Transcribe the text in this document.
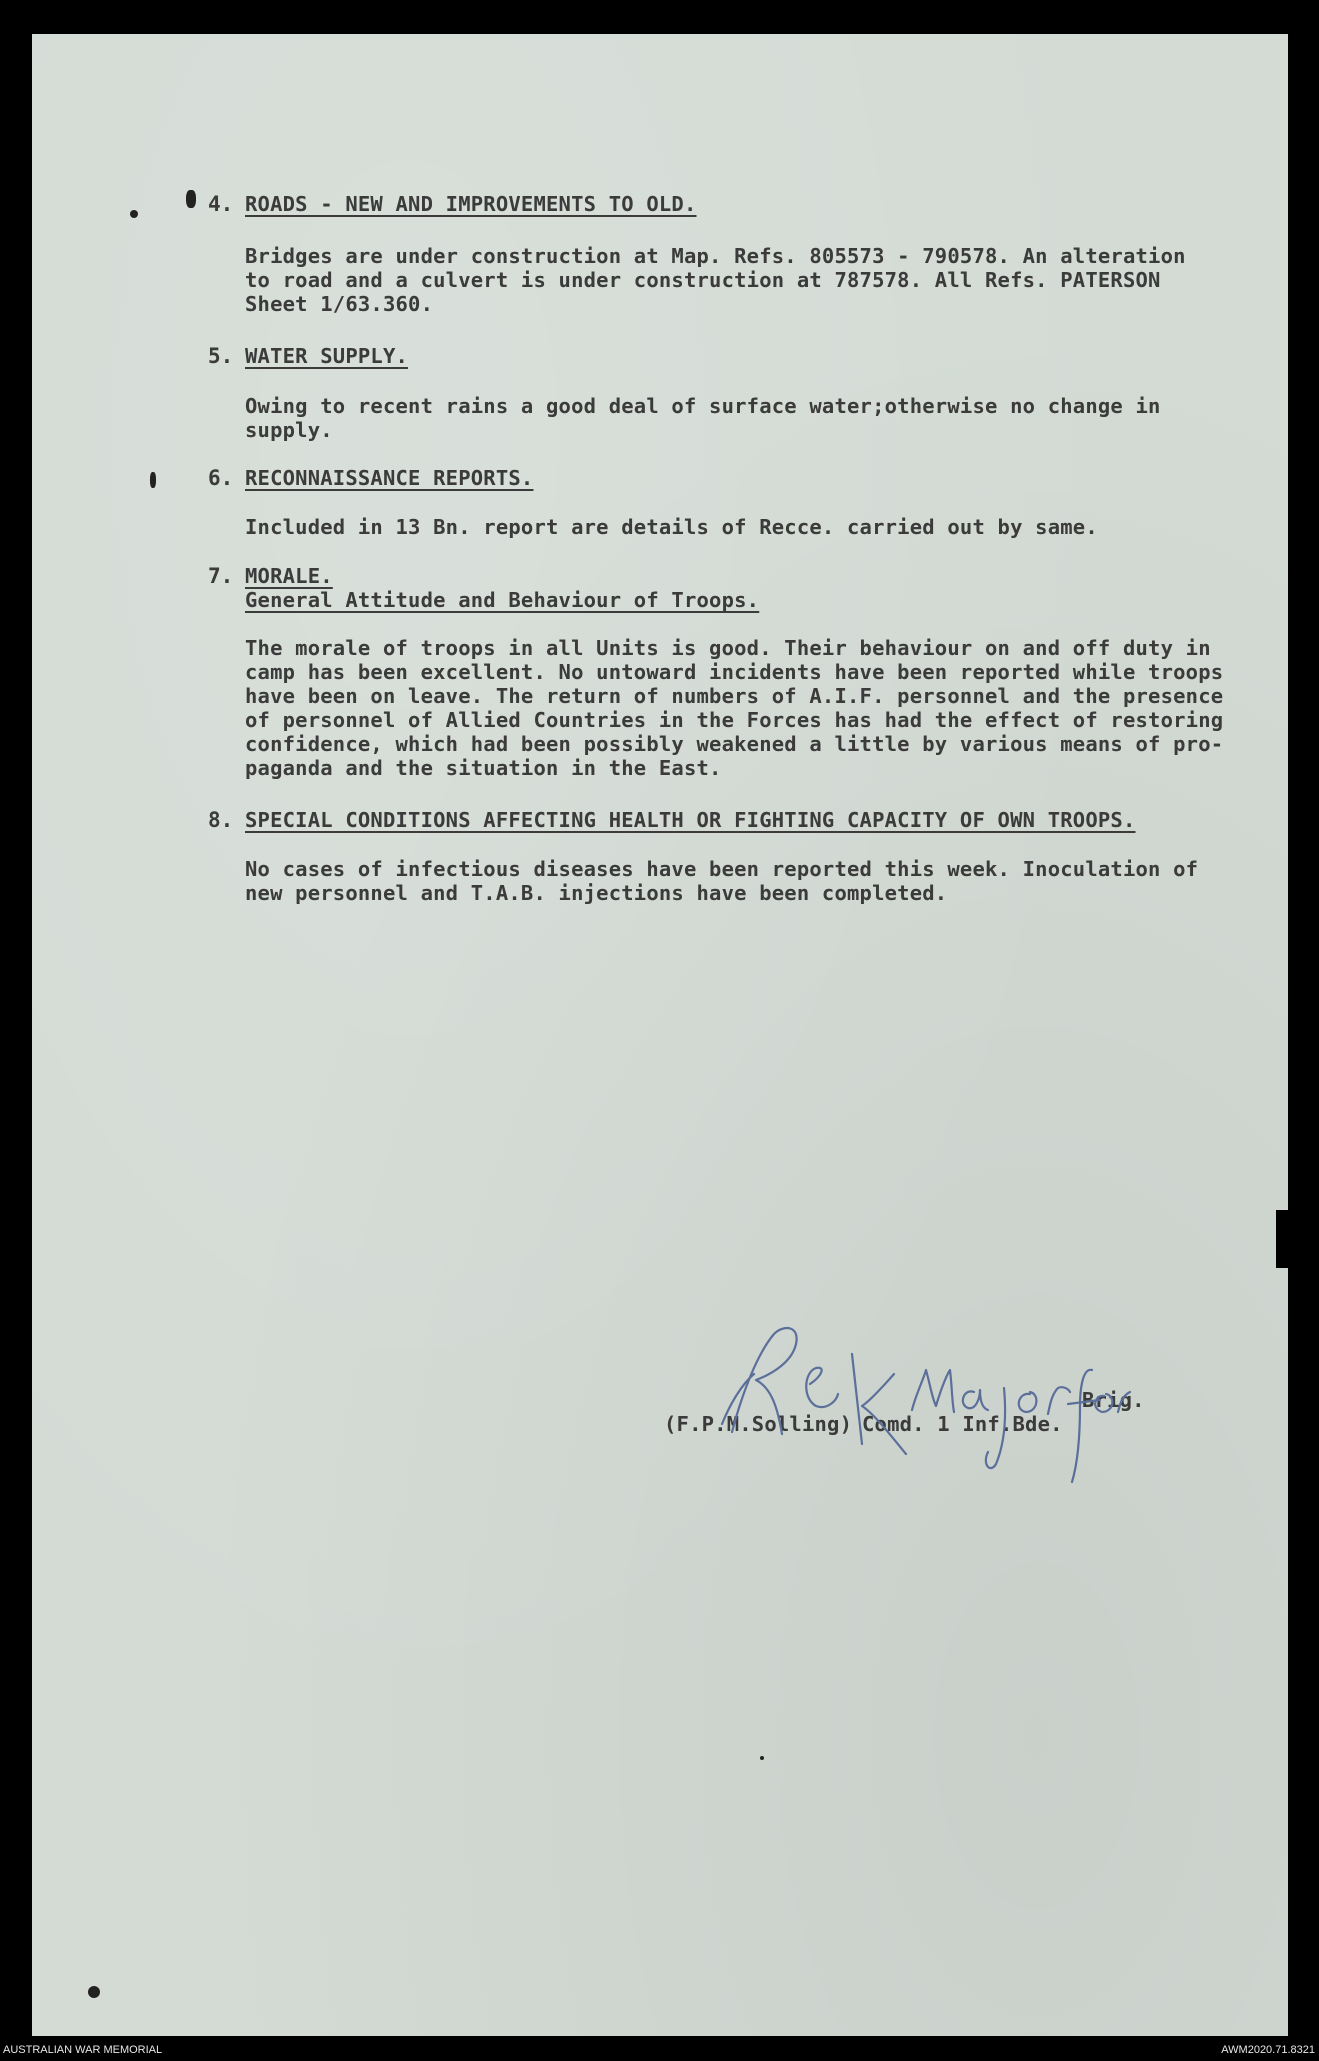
4. ROADS - NEW AND IMPROVEMENTS TO OLD.
Bridges are under construction at Map. Refs. 805573 - 790578. An alteration
to road and a culvert is under construction at 787578. All Refs. PATERSON
Sheet 1/63.360.
5. WATER SUPPLY.
Owing to recent rains a good deal of surface water;otherwise no change in
supply.
6. RECONNAISSANCE REPORTS.
Included in 13 Bn. report are details of Recce. carried out by same.
7. MORALE.
General Attitude and Behaviour of Troops.
The morale of troops in all Units is good. Their behaviour on and off duty in
camp has been excellent. No untoward incidents have been reported while troops
have been on leave. The return of numbers of A.I.F. personnel and the presence
of personnel of Allied Countries in the Forces has had the effect of restoring
confidence, which had been possibly weakened a little by various means of pro-
paganda and the situation in the East.
8. SPECIAL CONDITIONS AFFECTING HEALTH OR FIGHTING CAPACITY OF OWN TROOPS.
No cases of infectious diseases have been reported this week. Inoculation of
new personnel and T.A.B. injections have been completed.
Brig.
(F.P.M.Solling) Comd. 1 Inf.Bde.
AUSTRALIAN WAR MEMORIAL	AWM2020.71.8321
